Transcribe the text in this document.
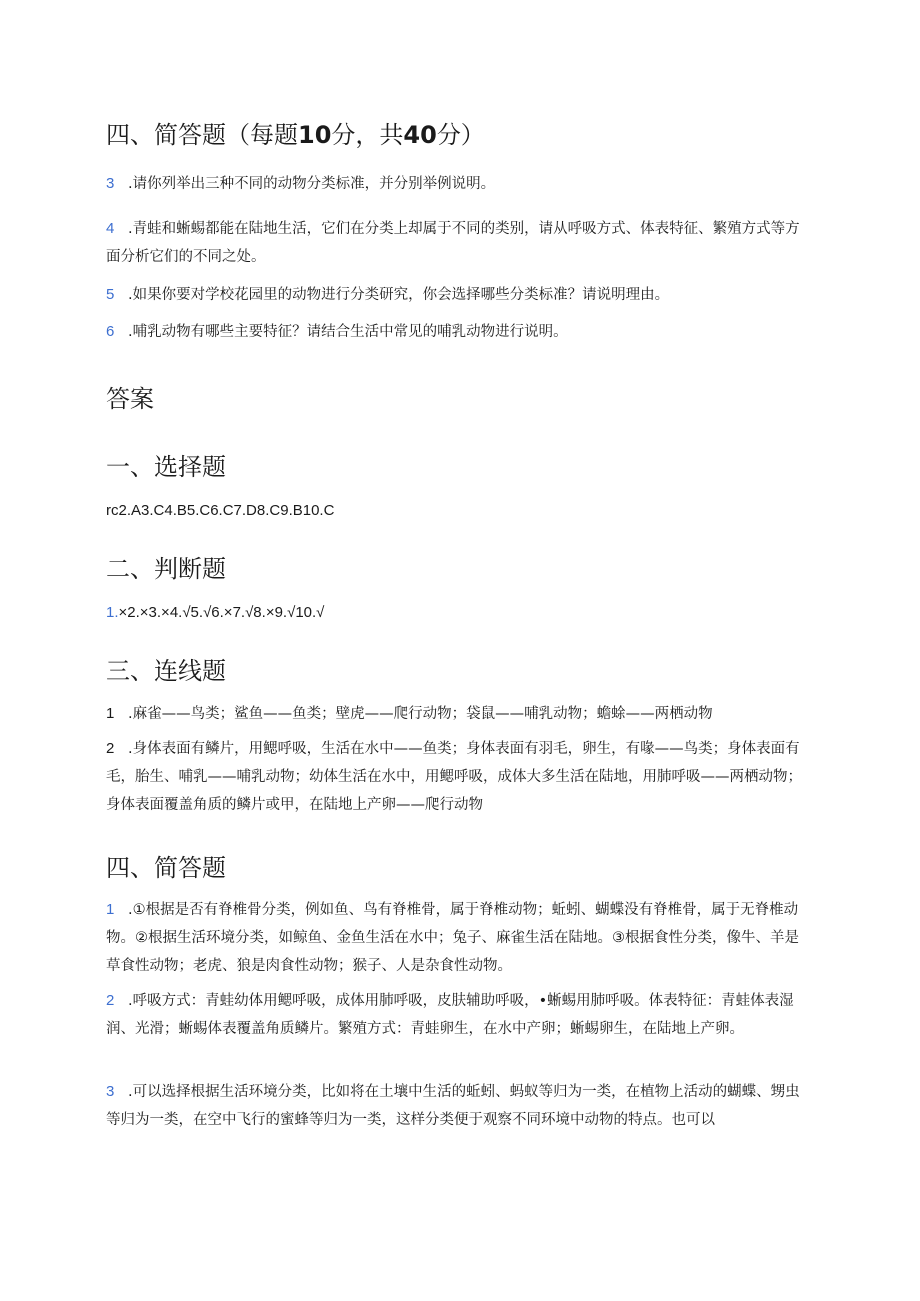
四、简答题（每题10分，共40分）
3 .请你列举出三种不同的动物分类标准，并分别举例说明。
4 .青蛙和蜥蜴都能在陆地生活，它们在分类上却属于不同的类别，请从呼吸方式、体表特征、繁殖方式等方面分析它们的不同之处。
5 .如果你要对学校花园里的动物进行分类研究，你会选择哪些分类标准？请说明理由。
6 .哺乳动物有哪些主要特征？请结合生活中常见的哺乳动物进行说明。
答案
一、选择题
rc2.A3.C4.B5.C6.C7.D8.C9.B10.C
二、判断题
1.×2.×3.×4.√5.√6.×7.√8.×9.√10.√
三、连线题
1 .麻雀——鸟类；鲨鱼——鱼类；壁虎——爬行动物；袋鼠——哺乳动物；蟾蜍——两栖动物
2 .身体表面有鳞片，用鳃呼吸，生活在水中——鱼类；身体表面有羽毛，卵生，有喙——鸟类；身体表面有毛，胎生、哺乳——哺乳动物；幼体生活在水中，用鳃呼吸，成体大多生活在陆地，用肺呼吸——两栖动物；身体表面覆盖角质的鳞片或甲，在陆地上产卵——爬行动物
四、简答题
1 .①根据是否有脊椎骨分类，例如鱼、鸟有脊椎骨，属于脊椎动物；蚯蚓、蝴蝶没有脊椎骨，属于无脊椎动物。②根据生活环境分类，如鲸鱼、金鱼生活在水中；兔子、麻雀生活在陆地。③根据食性分类，像牛、羊是草食性动物；老虎、狼是肉食性动物；猴子、人是杂食性动物。
2 .呼吸方式：青蛙幼体用鳃呼吸，成体用肺呼吸，皮肤辅助呼吸，•蜥蜴用肺呼吸。体表特征：青蛙体表湿润、光滑；蜥蜴体表覆盖角质鳞片。繁殖方式：青蛙卵生，在水中产卵；蜥蜴卵生，在陆地上产卵。
3 .可以选择根据生活环境分类，比如将在土壤中生活的蚯蚓、蚂蚁等归为一类，在植物上活动的蝴蝶、甥虫等归为一类，在空中飞行的蜜蜂等归为一类，这样分类便于观察不同环境中动物的特点。也可以
